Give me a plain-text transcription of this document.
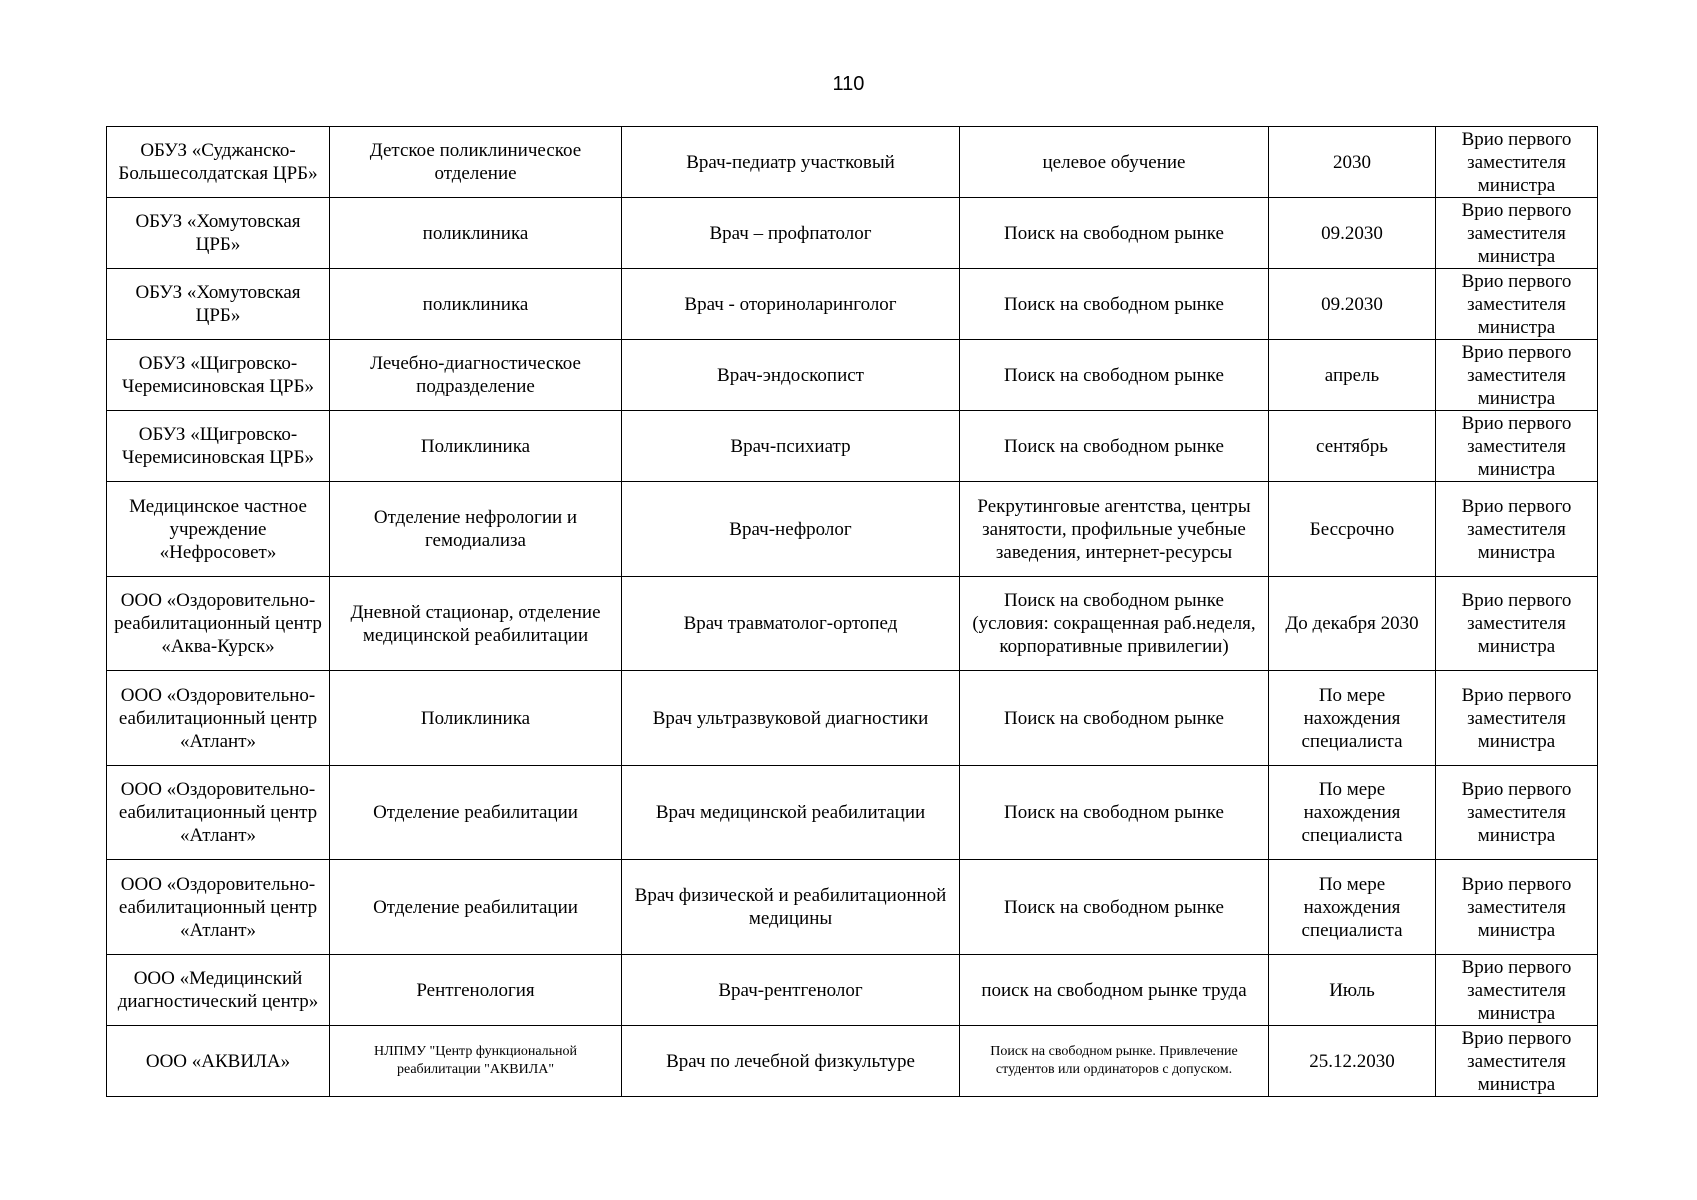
110
ОБУЗ «Суджанско-Большесолдатская ЦРБ»	Детское поликлиническое отделение	Врач-педиатр участковый	целевое обучение	2030	Врио первого заместителя министра
ОБУЗ «Хомутовская ЦРБ»	поликлиника	Врач – профпатолог	Поиск на свободном рынке	09.2030	Врио первого заместителя министра
ОБУЗ «Хомутовская ЦРБ»	поликлиника	Врач - оториноларинголог	Поиск на свободном рынке	09.2030	Врио первого заместителя министра
ОБУЗ «Щигровско-Черемисиновская ЦРБ»	Лечебно-диагностическое подразделение	Врач-эндоскопист	Поиск на свободном рынке	апрель	Врио первого заместителя министра
ОБУЗ «Щигровско-Черемисиновская ЦРБ»	Поликлиника	Врач-психиатр	Поиск на свободном рынке	сентябрь	Врио первого заместителя министра
Медицинское частное учреждение «Нефросовет»	Отделение нефрологии и гемодиализа	Врач-нефролог	Рекрутинговые агентства, центры занятости, профильные учебные заведения, интернет-ресурсы	Бессрочно	Врио первого заместителя министра
ООО «Оздоровительно-реабилитационный центр «Аква-Курск»	Дневной стационар, отделение медицинской реабилитации	Врач травматолог-ортопед	Поиск на свободном рынке (условия: сокращенная раб.неделя, корпоративные привилегии)	До декабря 2030	Врио первого заместителя министра
ООО «Оздоровительно-еабилитационный центр «Атлант»	Поликлиника	Врач ультразвуковой диагностики	Поиск на свободном рынке	По мере нахождения специалиста	Врио первого заместителя министра
ООО «Оздоровительно-еабилитационный центр «Атлант»	Отделение реабилитации	Врач медицинской реабилитации	Поиск на свободном рынке	По мере нахождения специалиста	Врио первого заместителя министра
ООО «Оздоровительно-еабилитационный центр «Атлант»	Отделение реабилитации	Врач физической и реабилитационной медицины	Поиск на свободном рынке	По мере нахождения специалиста	Врио первого заместителя министра
ООО «Медицинский диагностический центр»	Рентгенология	Врач-рентгенолог	поиск на свободном рынке труда	Июль	Врио первого заместителя министра
ООО «АКВИЛА»	НЛПМУ "Центр функциональной реабилитации "АКВИЛА"	Врач по лечебной физкультуре	Поиск на свободном рынке. Привлечение студентов или ординаторов с допуском.	25.12.2030	Врио первого заместителя министра
